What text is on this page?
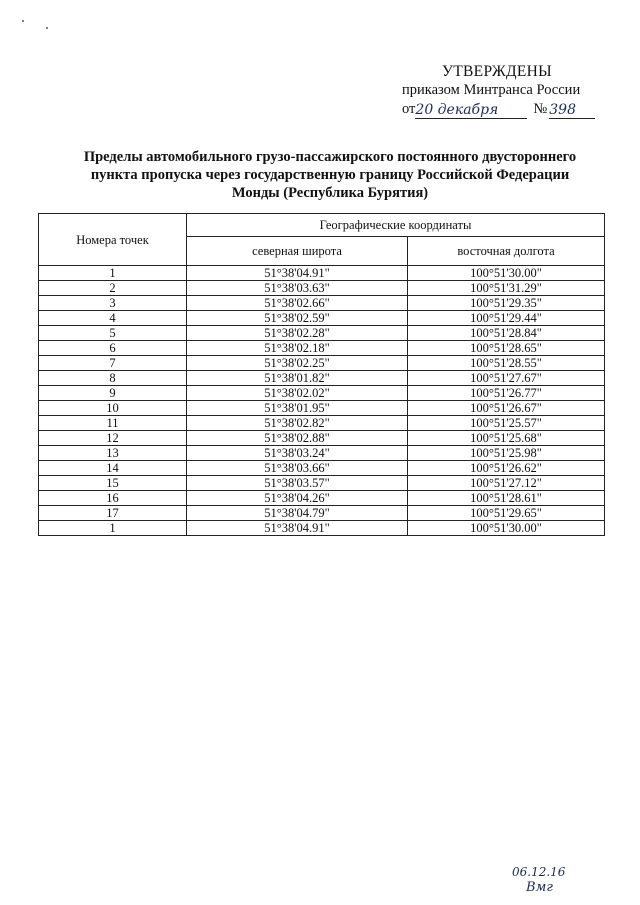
УТВЕРЖДЕНЫ
приказом Минтранса России
от 20 декабря	№ 398
Пределы автомобильного грузо-пассажирского постоянного двустороннего
пункта пропуска через государственную границу Российской Федерации
Монды (Республика Бурятия)
Номера точек	Географические координаты	
	северная широта	восточная долгота
1	51°38'04.91"	100°51'30.00"
2	51°38'03.63"	100°51'31.29"
3	51°38'02.66"	100°51'29.35"
4	51°38'02.59"	100°51'29.44"
5	51°38'02.28"	100°51'28.84"
6	51°38'02.18"	100°51'28.65"
7	51°38'02.25"	100°51'28.55"
8	51°38'01.82"	100°51'27.67"
9	51°38'02.02"	100°51'26.77"
10	51°38'01.95"	100°51'26.67"
11	51°38'02.82"	100°51'25.57"
12	51°38'02.88"	100°51'25.68"
13	51°38'03.24"	100°51'25.98"
14	51°38'03.66"	100°51'26.62"
15	51°38'03.57"	100°51'27.12"
16	51°38'04.26"	100°51'28.61"
17	51°38'04.79"	100°51'29.65"
1	51°38'04.91"	100°51'30.00"
06.12.16
Вмг
